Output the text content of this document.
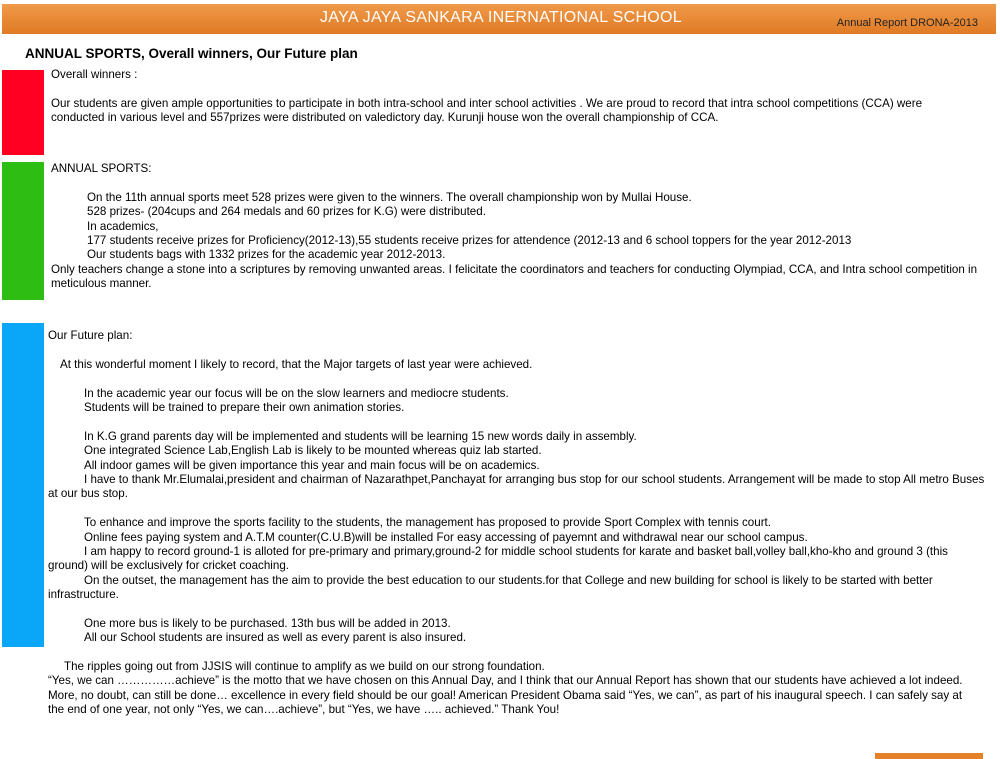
JAYA JAYA SANKARA INERNATIONAL SCHOOL	Annual Report DRONA-2013
ANNUAL SPORTS, Overall winners, Our Future plan
Overall winners :
Our students are given ample opportunities to participate in both intra-school and inter school activities . We are proud to record that intra school competitions (CCA) were conducted in various level and 557prizes were distributed on valedictory day. Kurunji house won the overall championship of CCA.
ANNUAL SPORTS:
On the 11th annual sports meet 528 prizes were given to the winners. The overall championship won by Mullai House.
528 prizes- (204cups and 264 medals and 60 prizes for K.G) were distributed.
In academics,
177 students receive prizes for Proficiency(2012-13),55 students receive prizes for attendence (2012-13 and 6 school toppers for the year 2012-2013
Our students bags with 1332 prizes for the academic year 2012-2013.
Only teachers change a stone into a scriptures by removing unwanted areas. I felicitate the coordinators and teachers for conducting Olympiad, CCA, and Intra school competition in meticulous manner.
Our Future plan:
At this wonderful moment I likely to record, that the Major targets of last year were achieved.
In the academic year our focus will be on the slow learners and mediocre students.
Students will be trained to prepare their own animation stories.
In K.G grand parents day will be implemented and students will be learning 15 new words daily in assembly.
One integrated Science Lab,English Lab is likely to be mounted whereas quiz lab started.
All indoor games will be given importance this year and main focus will be on academics.
I have to thank Mr.Elumalai,president and chairman of Nazarathpet,Panchayat for arranging bus stop for our school students. Arrangement will be made to stop All metro Buses at our bus stop.
To enhance and improve the sports facility to the students, the management has proposed to provide Sport Complex with tennis court.
Online fees paying system and A.T.M counter(C.U.B)will be installed For easy accessing of payemnt and withdrawal near our school campus.
I am happy to record ground-1 is alloted for pre-primary and primary,ground-2 for middle school students for karate and basket ball,volley ball,kho-kho and ground 3 (this ground) will be exclusively for cricket coaching.
On the outset, the management has the aim to provide the best education to our students.for that College and new building for school is likely to be started with better infrastructure.
One more bus is likely to be purchased. 13th bus will be added in 2013.
All our School students are insured as well as every parent is also insured.
The ripples going out from JJSIS will continue to amplify as we build on our strong foundation.
“Yes, we can ……………achieve” is the motto that we have chosen on this Annual Day, and I think that our Annual Report has shown that our students have achieved a lot indeed. More, no doubt, can still be done… excellence in every field should be our goal! American President Obama said “Yes, we can”, as part of his inaugural speech. I can safely say at the end of one year, not only “Yes, we can….achieve”, but “Yes, we have ….. achieved.” Thank You!
